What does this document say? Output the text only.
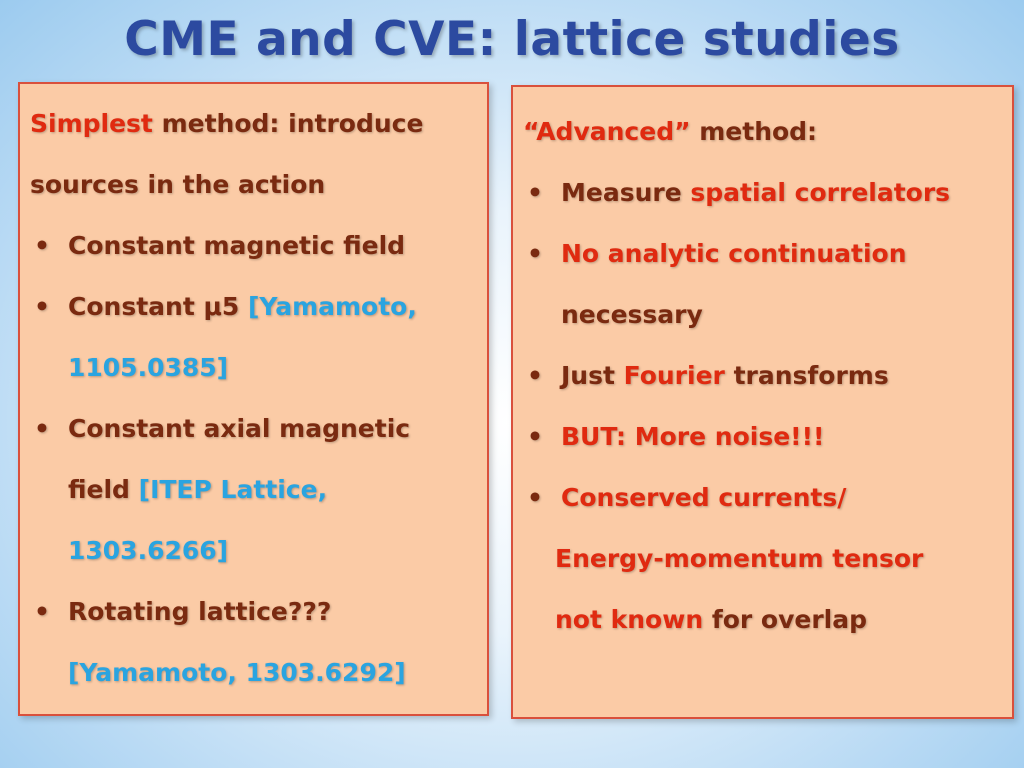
CME and CVE: lattice studies
Simplest method: introduce
sources in the action
• Constant magnetic field
• Constant μ5 [Yamamoto,
1105.0385]
• Constant axial magnetic
field [ITEP Lattice,
1303.6266]
• Rotating lattice???
[Yamamoto, 1303.6292]
“Advanced” method:
• Measure spatial correlators
• No analytic continuation
necessary
• Just Fourier transforms
• BUT: More noise!!!
• Conserved currents/
Energy-momentum tensor
not known for overlap
